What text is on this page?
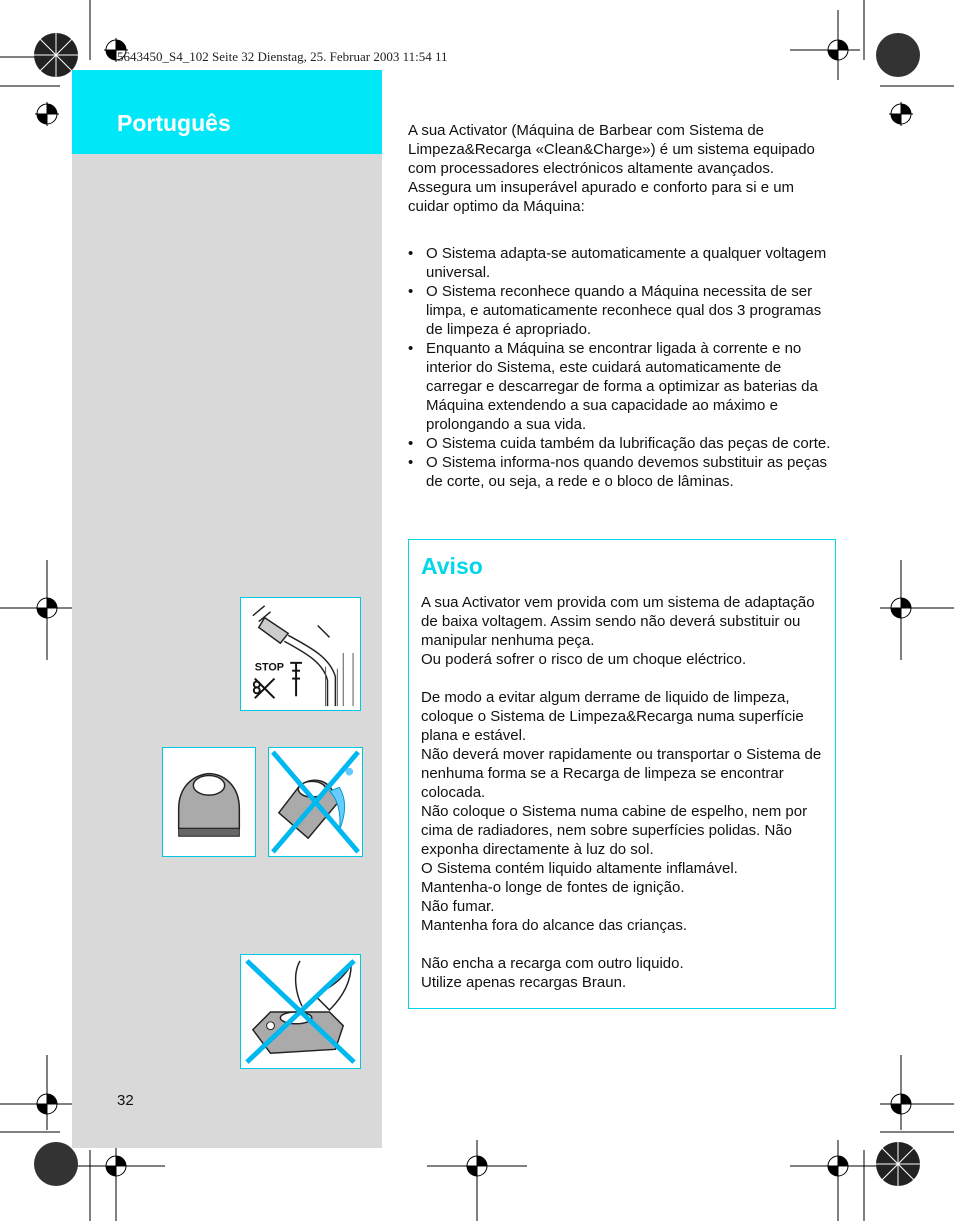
5643450_S4_102 Seite 32 Dienstag, 25. Februar 2003 11:54 11
Português
STOP
32

A sua Activator (Máquina de Barbear com Sistema de Limpeza&Recarga «Clean&Charge») é um sistema equipado com processadores electrónicos altamente avançados. Assegura um insuperável apurado e conforto para si e um cuidar optimo da Máquina:

• O Sistema adapta-se automaticamente a qualquer voltagem universal.
• O Sistema reconhece quando a Máquina necessita de ser limpa, e automaticamente reconhece qual dos 3 programas de limpeza é apropriado.
• Enquanto a Máquina se encontrar ligada à corrente e no interior do Sistema, este cuidará automaticamente de carregar e descarregar de forma a optimizar as baterias da Máquina extendendo a sua capacidade ao máximo e prolongando a sua vida.
• O Sistema cuida também da lubrificação das peças de corte.
• O Sistema informa-nos quando devemos substituir as peças de corte, ou seja, a rede e o bloco de lâminas.
Aviso
A sua Activator vem provida com um sistema de adaptação de baixa voltagem. Assim sendo não deverá substituir ou manipular nenhuma peça.
Ou poderá sofrer o risco de um choque eléctrico.

De modo a evitar algum derrame de liquido de limpeza, coloque o Sistema de Limpeza&Recarga numa superfície plana e estável.
Não deverá mover rapidamente ou transportar o Sistema de nenhuma forma se a Recarga de limpeza se encontrar colocada.
Não coloque o Sistema numa cabine de espelho, nem por cima de radiadores, nem sobre superfícies polidas. Não exponha directamente à luz do sol.
O Sistema contém liquido altamente inflamável.
Mantenha-o longe de fontes de ignição.
Não fumar.
Mantenha fora do alcance das crianças.

Não encha a recarga com outro liquido.
Utilize apenas recargas Braun.
